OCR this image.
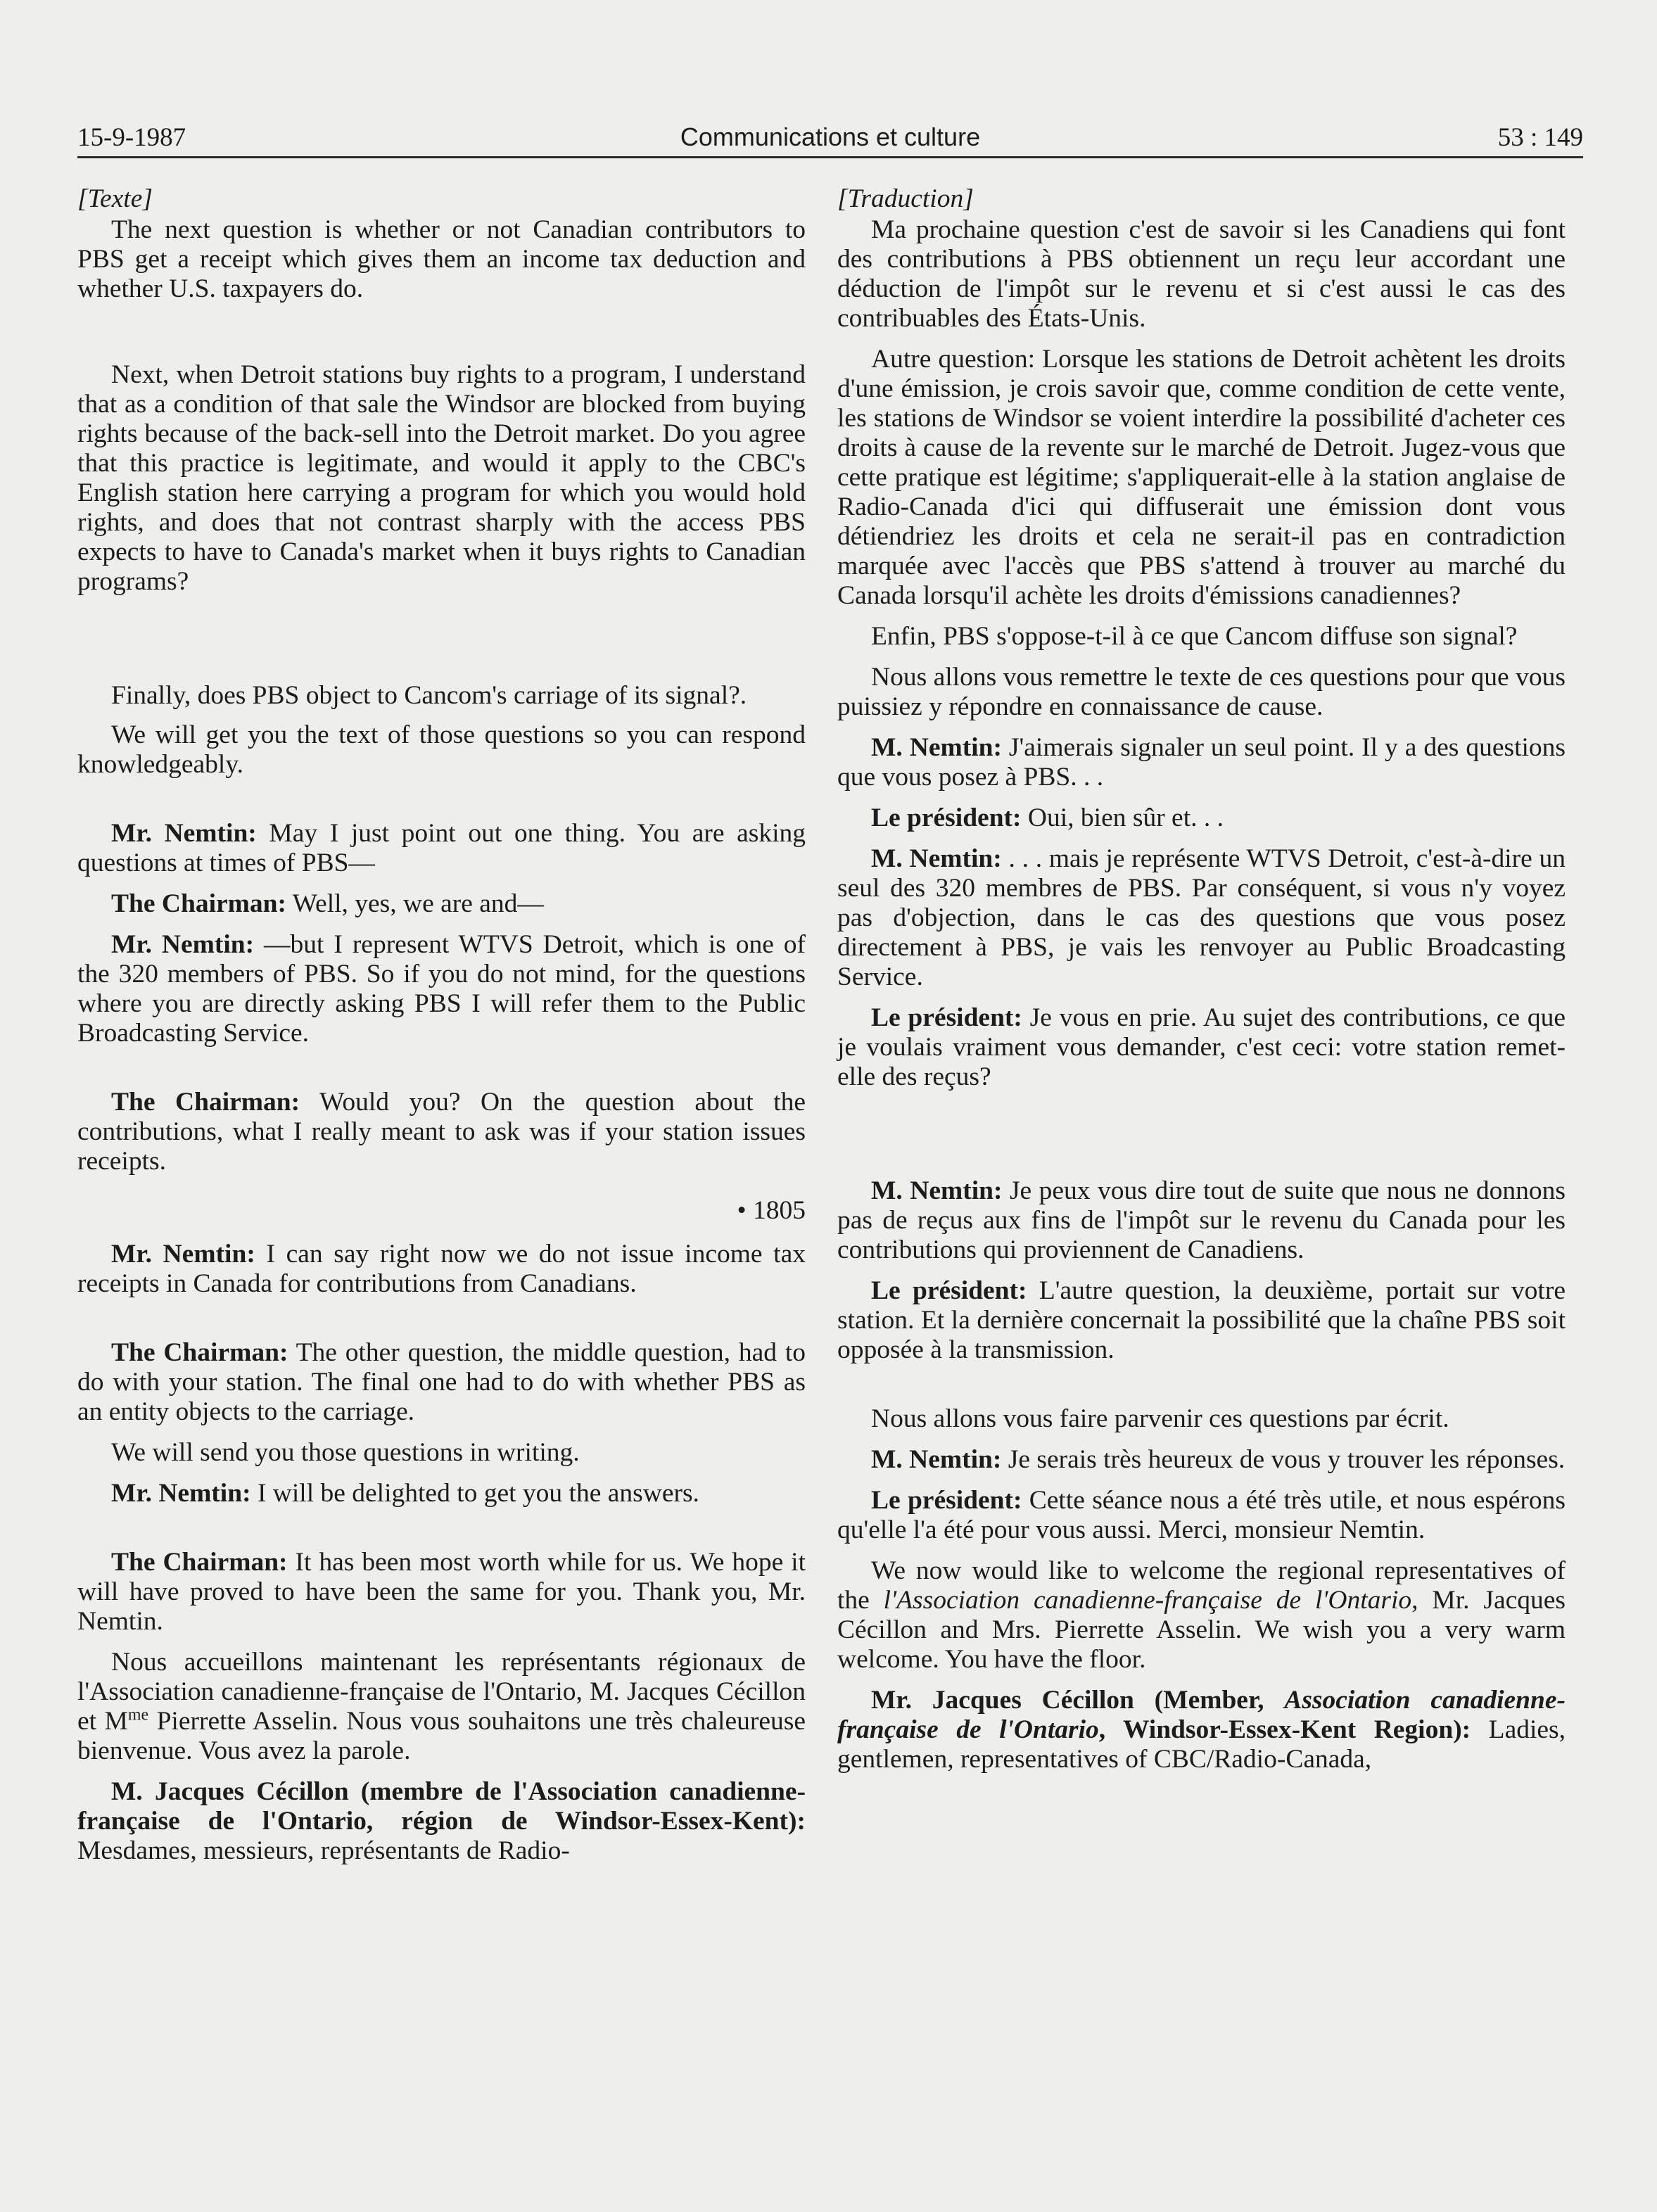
15-9-1987	Communications et culture	53 : 149
[Texte]

The next question is whether or not Canadian contributors to PBS get a receipt which gives them an income tax deduction and whether U.S. taxpayers do.

Next, when Detroit stations buy rights to a program, I understand that as a condition of that sale the Windsor are blocked from buying rights because of the back-sell into the Detroit market. Do you agree that this practice is legitimate, and would it apply to the CBC's English station here carrying a program for which you would hold rights, and does that not contrast sharply with the access PBS expects to have to Canada's market when it buys rights to Canadian programs?

Finally, does PBS object to Cancom's carriage of its signal?.

We will get you the text of those questions so you can respond knowledgeably.

Mr. Nemtin: May I just point out one thing. You are asking questions at times of PBS—

The Chairman: Well, yes, we are and—

Mr. Nemtin: —but I represent WTVS Detroit, which is one of the 320 members of PBS. So if you do not mind, for the questions where you are directly asking PBS I will refer them to the Public Broadcasting Service.

The Chairman: Would you? On the question about the contributions, what I really meant to ask was if your station issues receipts.

• 1805

Mr. Nemtin: I can say right now we do not issue income tax receipts in Canada for contributions from Canadians.

The Chairman: The other question, the middle question, had to do with your station. The final one had to do with whether PBS as an entity objects to the carriage.

We will send you those questions in writing.

Mr. Nemtin: I will be delighted to get you the answers.

The Chairman: It has been most worth while for us. We hope it will have proved to have been the same for you. Thank you, Mr. Nemtin.

Nous accueillons maintenant les représentants régionaux de l'Association canadienne-française de l'Ontario, M. Jacques Cécillon et $M^{me}$ Pierrette Asselin. Nous vous souhaitons une très chaleureuse bienvenue. Vous avez la parole.

M. Jacques Cécillon (membre de l'Association canadienne-française de l'Ontario, région de Windsor-Essex-Kent): Mesdames, messieurs, représentants de Radio-

[Traduction]

Ma prochaine question c'est de savoir si les Canadiens qui font des contributions à PBS obtiennent un reçu leur accordant une déduction de l'impôt sur le revenu et si c'est aussi le cas des contribuables des États-Unis.

Autre question: Lorsque les stations de Detroit achètent les droits d'une émission, je crois savoir que, comme condition de cette vente, les stations de Windsor se voient interdire la possibilité d'acheter ces droits à cause de la revente sur le marché de Detroit. Jugez-vous que cette pratique est légitime; s'appliquerait-elle à la station anglaise de Radio-Canada d'ici qui diffuserait une émission dont vous détiendriez les droits et cela ne serait-il pas en contradiction marquée avec l'accès que PBS s'attend à trouver au marché du Canada lorsqu'il achète les droits d'émissions canadiennes?

Enfin, PBS s'oppose-t-il à ce que Cancom diffuse son signal?

Nous allons vous remettre le texte de ces questions pour que vous puissiez y répondre en connaissance de cause.

M. Nemtin: J'aimerais signaler un seul point. Il y a des questions que vous posez à PBS. . .

Le président: Oui, bien sûr et. . .

M. Nemtin: . . . mais je représente WTVS Detroit, c'est-à-dire un seul des 320 membres de PBS. Par conséquent, si vous n'y voyez pas d'objection, dans le cas des questions que vous posez directement à PBS, je vais les renvoyer au Public Broadcasting Service.

Le président: Je vous en prie. Au sujet des contributions, ce que je voulais vraiment vous demander, c'est ceci: votre station remet-elle des reçus?

M. Nemtin: Je peux vous dire tout de suite que nous ne donnons pas de reçus aux fins de l'impôt sur le revenu du Canada pour les contributions qui proviennent de Canadiens.

Le président: L'autre question, la deuxième, portait sur votre station. Et la dernière concernait la possibilité que la chaîne PBS soit opposée à la transmission.

Nous allons vous faire parvenir ces questions par écrit.

M. Nemtin: Je serais très heureux de vous y trouver les réponses.

Le président: Cette séance nous a été très utile, et nous espérons qu'elle l'a été pour vous aussi. Merci, monsieur Nemtin.

We now would like to welcome the regional representatives of the l'Association canadienne-française de l'Ontario, Mr. Jacques Cécillon and Mrs. Pierrette Asselin. We wish you a very warm welcome. You have the floor.

Mr. Jacques Cécillon (Member, Association canadienne-française de l'Ontario, Windsor-Essex-Kent Region): Ladies, gentlemen, representatives of CBC/Radio-Canada,
